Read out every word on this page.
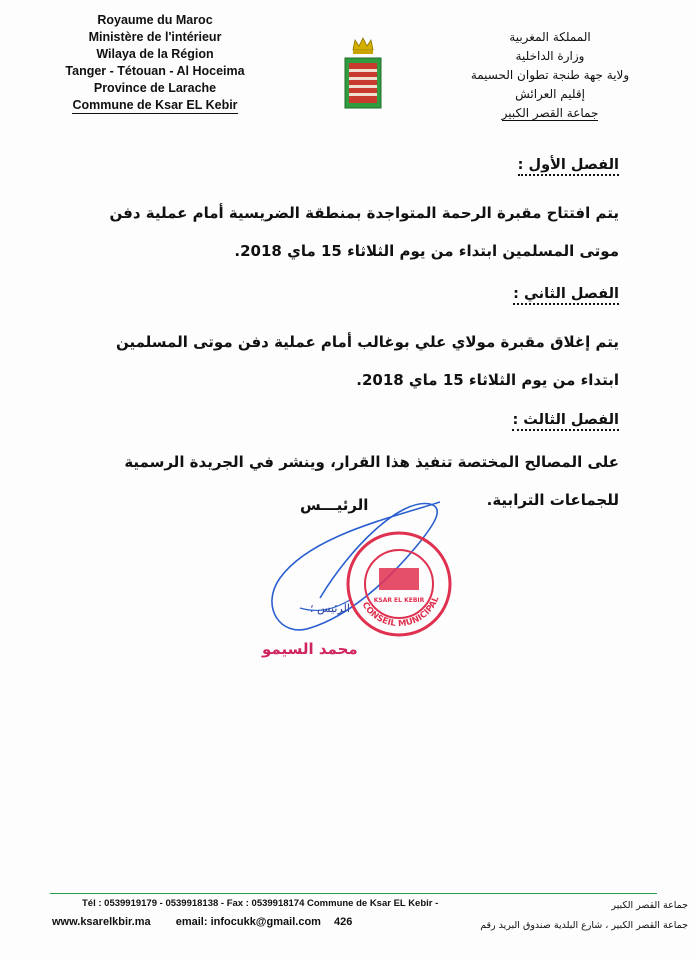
Royaume du Maroc
Ministère de l'intérieur
Wilaya de la Région
Tanger - Tétouan - Al Hoceima
Province de Larache
Commune de Ksar EL Kebir
المملكة المغربية
وزارة الداخلية
ولاية جهة طنجة تطوان الحسيمة
إقليم العرائش
جماعة القصر الكبير
الفصل الأول :
يتم افتتاح مقبرة الرحمة المتواجدة بمنطقة الضريسية أمام عملية دفن موتى المسلمين ابتداء من يوم الثلاثاء 15 ماي 2018.
الفصل الثاني :
يتم إغلاق مقبرة مولاي علي بوغالب أمام عملية دفن موتى المسلمين ابتداء من يوم الثلاثاء 15 ماي 2018.
الفصل الثالث :
على المصالح المختصة تنفيذ هذا القرار، وينشر في الجريدة الرسمية للجماعات الترابية.
الرئيـــس
CONSEIL MUNICIPAL
KSAR EL KEBIR
الرئيس ؛
محمد السيمو
Tél : 0539919179 - 0539918138 - Fax : 0539918174 Commune de Ksar EL Kebir -	جماعة القصر الكبير
www.ksarelkbir.ma email: infocukk@gmail.com 426	جماعة القصر الكبير ، شارع البلدية صندوق البريد رقم
